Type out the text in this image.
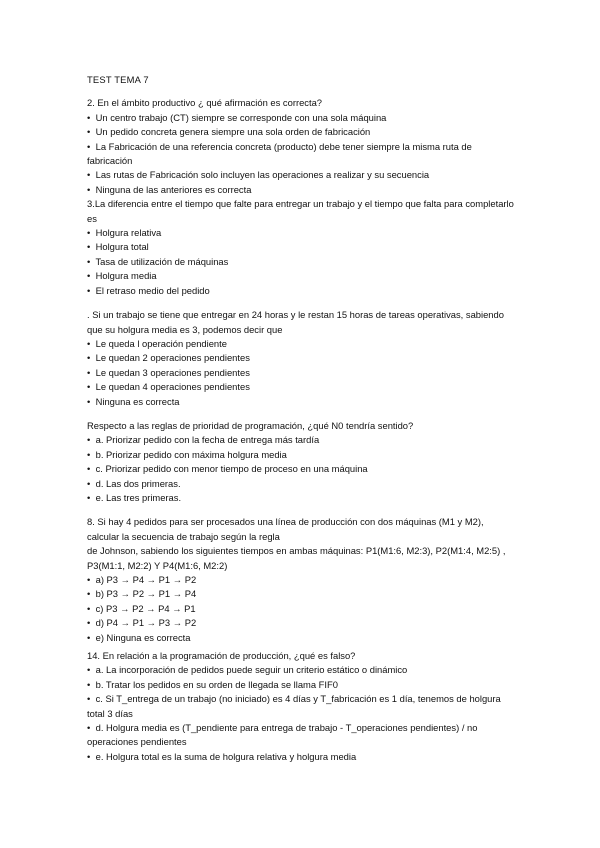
TEST TEMA 7

2. En el ámbito productivo ¿ qué afirmación es correcta?

• Un centro trabajo (CT) siempre se corresponde con una sola máquina
• Un pedido concreta genera siempre una sola orden de fabricación
• La Fabricación de una referencia concreta (producto) debe tener siempre la misma ruta de fabricación
• Las rutas de Fabricación solo incluyen las operaciones a realizar y su secuencia
• Ninguna de las anteriores es correcta

3.La diferencia entre el tiempo que falte para entregar un trabajo y el tiempo que falta para completarlo es

• Holgura relativa
• Holgura total
• Tasa de utilización de máquinas
• Holgura media
• El retraso medio del pedido

. Si un trabajo se tiene que entregar en 24 horas y le restan 15 horas de tareas operativas, sabiendo que su holgura media es 3, podemos decir que

• Le queda l operación pendiente
• Le quedan 2 operaciones pendientes
• Le quedan 3 operaciones pendientes
• Le quedan 4 operaciones pendientes
• Ninguna es correcta

Respecto a las reglas de prioridad de programación, ¿qué N0 tendría sentido?

• a. Priorizar pedido con la fecha de entrega más tardía
• b. Priorizar pedido con máxima holgura media
• c. Priorizar pedido con menor tiempo de proceso en una máquina
• d. Las dos primeras.
• e. Las tres primeras.

8. Si hay 4 pedidos para ser procesados una línea de producción con dos máquinas (M1 y M2), calcular la secuencia de trabajo según la regla

de Johnson, sabiendo los siguientes tiempos en ambas máquinas: P1(M1:6, M2:3), P2(M1:4, M2:5) , P3(M1:1, M2:2) Y P4(M1:6, M2:2)

• a) P3 → P4 → P1 → P2
• b) P3 → P2 → P1 → P4
• c) P3 → P2 → P4 → P1
• d) P4 → P1 → P3 → P2
• e) Ninguna es correcta

14. En relación a la programación de producción, ¿qué es falso?

• a. La incorporación de pedidos puede seguir un criterio estático o dinámico
• b. Tratar los pedidos en su orden de llegada se llama FIF0
• c. Si T_entrega de un trabajo (no iniciado) es 4 días y T_fabricación es 1 día, tenemos de holgura total 3 días
• d. Holgura media es (T_pendiente para entrega de trabajo - T_operaciones pendientes) / no operaciones pendientes
• e. Holgura total es la suma de holgura relativa y holgura media
